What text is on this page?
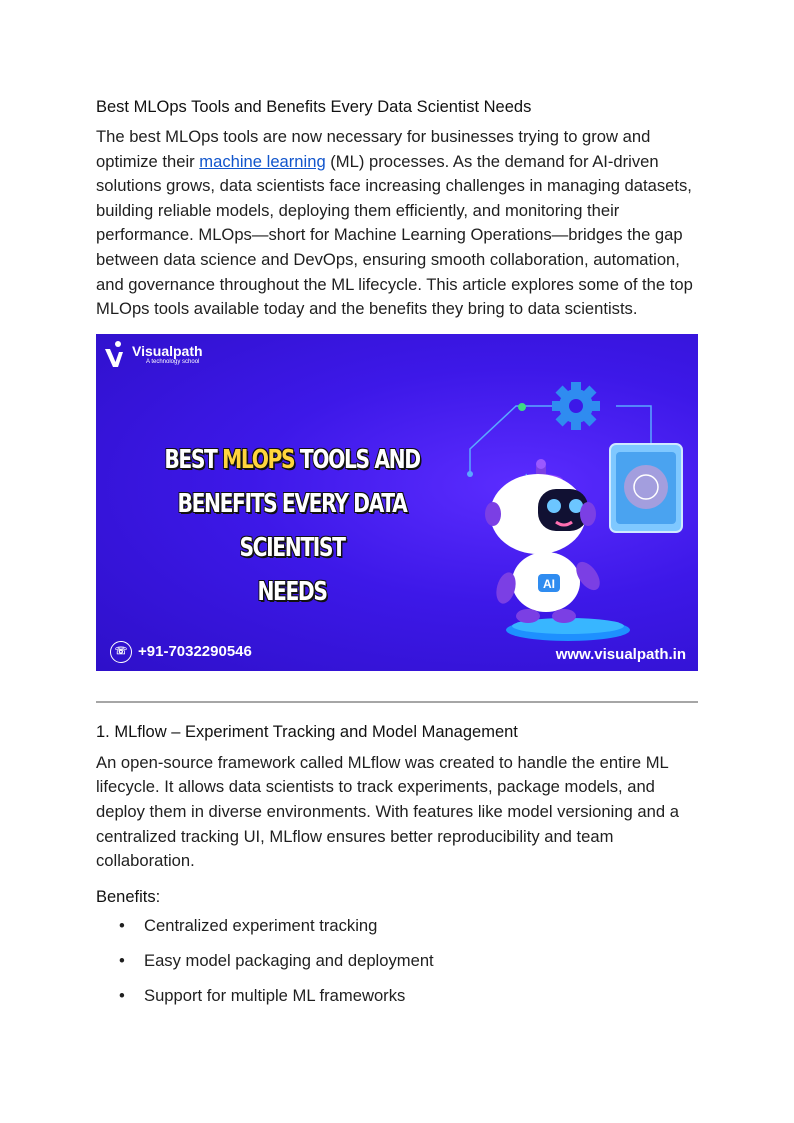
Best MLOps Tools and Benefits Every Data Scientist Needs

The best MLOps tools are now necessary for businesses trying to grow and optimize their machine learning (ML) processes. As the demand for AI-driven solutions grows, data scientists face increasing challenges in managing datasets, building reliable models, deploying them efficiently, and monitoring their performance. MLOps—short for Machine Learning Operations—bridges the gap between data science and DevOps, ensuring smooth collaboration, automation, and governance throughout the ML lifecycle. This article explores some of the top MLOps tools available today and the benefits they bring to data scientists.

Visualpath
A technology school
BEST MLOPS TOOLS AND
BENEFITS EVERY DATA SCIENTIST
NEEDS	AI
☏ +91-7032290546	www.visualpath.in
1. MLflow – Experiment Tracking and Model Management

An open-source framework called MLflow was created to handle the entire ML lifecycle. It allows data scientists to track experiments, package models, and deploy them in diverse environments. With features like model versioning and a centralized tracking UI, MLflow ensures better reproducibility and team collaboration.

Benefits:
• Centralized experiment tracking
• Easy model packaging and deployment
• Support for multiple ML frameworks
